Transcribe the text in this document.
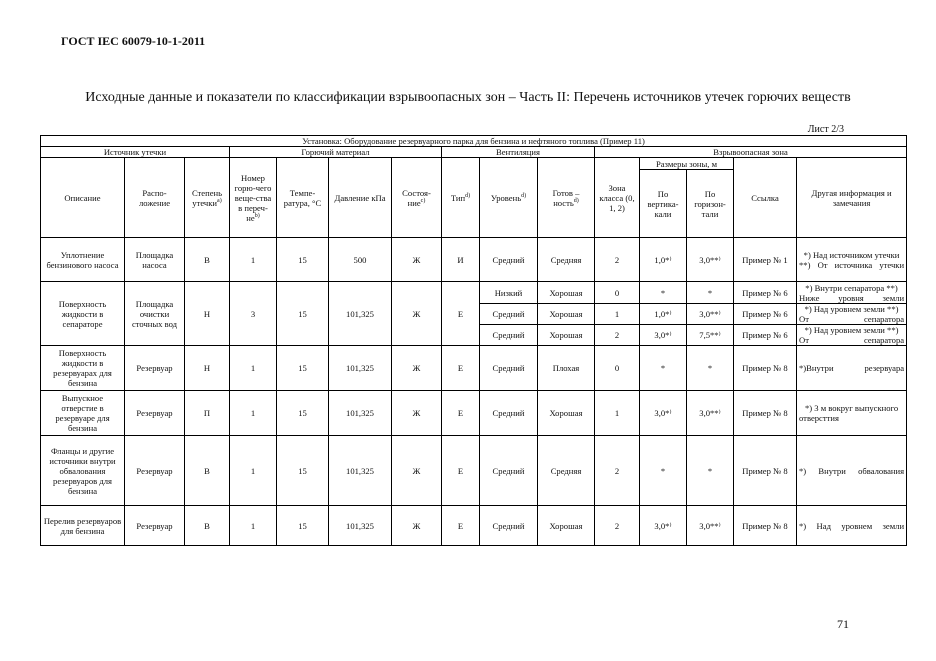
ГОСТ IEC 60079-10-1-2011
Исходные данные и показатели по классификации взрывоопасных зон – Часть II: Перечень источников утечек горючих веществ
Лист 2/3
Установка: Оборудование резервуарного парка для бензина и нефтяного топлива (Пример 11)														
Источник утечки			Горючий материал				Вентиляция			Взрывоопасная зона				
Описание	Распо-ложение	Степень утечки$^{а)}$	Номер горю-чего веще-ства в переч-$не^{b)}$	Темпе-ратура, °С	Давление кПа	Состоя-ние$^{с)}$	Тип$^{d)}$	Уровень$^{d)}$	Готов – ность$^{d)}$	Зона класса (0, 1, 2)	Размеры зоны, м		Ссылка	Другая информация и замечания
											По вертика-кали	По горизон-тали		
Уплотнение бензинового насоса	Площадка насоса	В	1	15	500	Ж	И	Средний	Средняя	2	1,0*⁾	3,0**⁾	Пример № 1	*) Над источником утечки **) От источника утечки
Поверхность жидкости в сепараторе	Площадка очистки сточных вод	Н	3	15	101,325	Ж	Е	Низкий	Хорошая	0	*	*	Пример № 6	*) Внутри сепаратора **) Ниже уровня земли
								Средний	Хорошая	1	1,0*⁾	3,0**⁾	Пример № 6	*) Над уровнем земли **) От сепаратора
								Средний	Хорошая	2	3,0*⁾	7,5**⁾	Пример № 6	*) Над уровнем земли **) От сепаратора
Поверхность жидкости в резервуарах для бензина	Резервуар	Н	1	15	101,325	Ж	Е	Средний	Плохая	0	*	*	Пример № 8	*)Внутри резервуара
Выпускное отверстие в резервуаре для бензина	Резервуар	П	1	15	101,325	Ж	Е	Средний	Хорошая	1	3,0*⁾	3,0**⁾	Пример № 8	*) 3 м вокруг выпускного отверсттия
Фланцы и другие источники внутри обвалования резервуаров для бензина	Резервуар	В	1	15	101,325	Ж	Е	Средний	Средняя	2	*	*	Пример № 8	*) Внутри обвалования
Перелив резервуаров для бензина	Резервуар	В	1	15	101,325	Ж	Е	Средний	Хорошая	2	3,0*⁾	3,0**⁾	Пример № 8	*) Над уровнем земли
71
